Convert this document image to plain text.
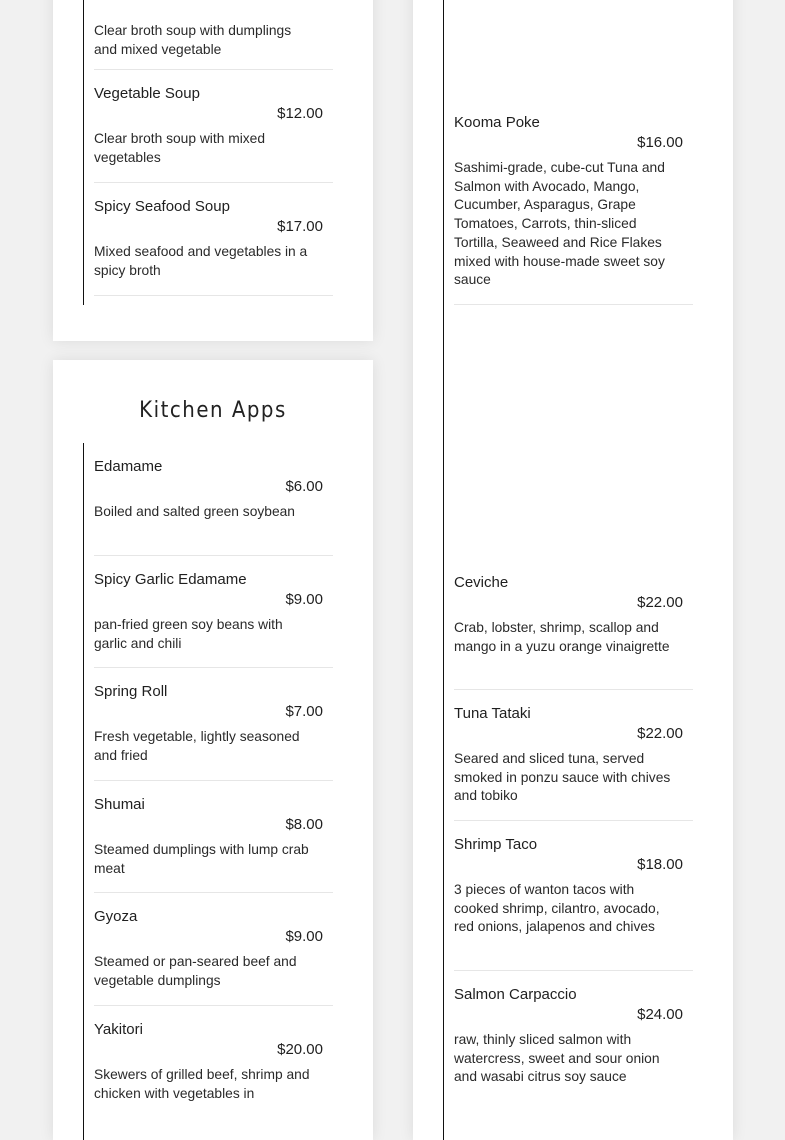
Clear broth soup with dumplings and mixed vegetable
Vegetable Soup
$12.00
Clear broth soup with mixed vegetables
Spicy Seafood Soup
$17.00
Mixed seafood and vegetables in a spicy broth
Kitchen Apps
Edamame
$6.00
Boiled and salted green soybean
Spicy Garlic Edamame
$9.00
pan-fried green soy beans with garlic and chili
Spring Roll
$7.00
Fresh vegetable, lightly seasoned and fried
Shumai
$8.00
Steamed dumplings with lump crab meat
Gyoza
$9.00
Steamed or pan-seared beef and vegetable dumplings
Yakitori
$20.00
Skewers of grilled beef, shrimp and chicken with vegetables in
Kooma Poke
$16.00
Sashimi-grade, cube-cut Tuna and Salmon with Avocado, Mango, Cucumber, Asparagus, Grape Tomatoes, Carrots, thin-sliced Tortilla, Seaweed and Rice Flakes mixed with house-made sweet soy sauce
Ceviche
$22.00
Crab, lobster, shrimp, scallop and mango in a yuzu orange vinaigrette
Tuna Tataki
$22.00
Seared and sliced tuna, served smoked in ponzu sauce with chives and tobiko
Shrimp Taco
$18.00
3 pieces of wanton tacos with cooked shrimp, cilantro, avocado, red onions, jalapenos and chives
Salmon Carpaccio
$24.00
raw, thinly sliced salmon with watercress, sweet and sour onion and wasabi citrus soy sauce
